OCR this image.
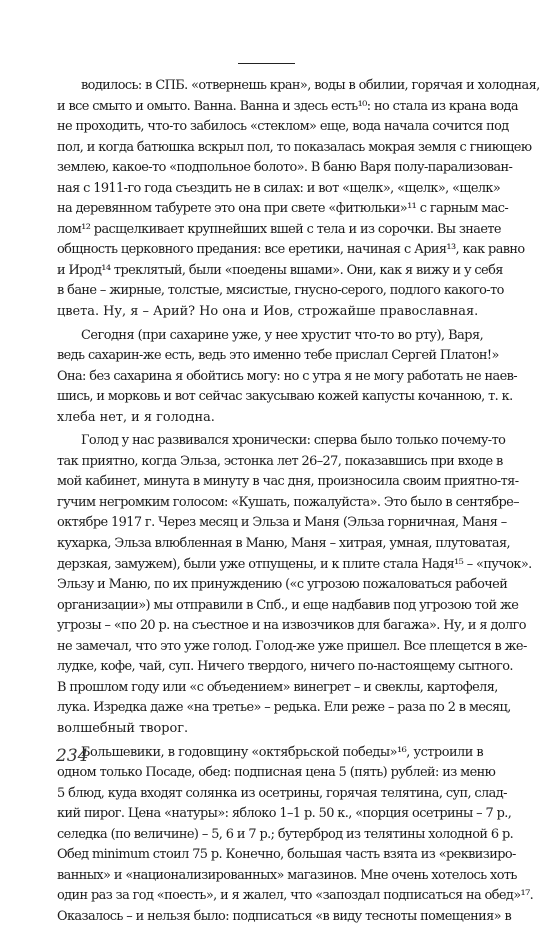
водилось: в СПБ. «отвернешь кран», воды в обилии, горячая и холодная,
и все смыто и омыто. Ванна. Ванна и здесь есть¹⁰: но стала из крана вода
не проходить, что-то забилось «стеклом» еще, вода начала сочится под
пол, и когда батюшка вскрыл пол, то показалась мокрая земля с гниющею
землею, какое-то «подпольное болото». В баню Варя полу-парализован-
ная с 1911-го года съездить не в силах: и вот «щелк», «щелк», «щелк»
на деревянном табурете это она при свете «фитюльки»¹¹ с гарным мас-
лом¹² расщелкивает крупнейших вшей с тела и из сорочки. Вы знаете
общность церковного предания: все еретики, начиная с Ария¹³, как равно
и Ирод¹⁴ треклятый, были «поедены вшами». Они, как я вижу и у себя
в бане – жирные, толстые, мясистые, гнусно-серого, подлого какого-то
цвета. Ну, я – Арий? Но она и Иов, строжайше православная.
Сегодня (при сахарине уже, у нее хрустит что-то во рту), Варя,
ведь сахарин-же есть, ведь это именно тебе прислал Сергей Платон!»
Она: без сахарина я обойтись могу: но с утра я не могу работать не наев-
шись, и морковь и вот сейчас закусываю кожей капусты кочанною, т. к.
хлеба нет, и я голодна.
Голод у нас развивался хронически: сперва было только почему-то
так приятно, когда Эльза, эстонка лет 26–27, показавшись при входе в
мой кабинет, минута в минуту в час дня, произносила своим приятно-тя-
гучим негромким голосом: «Кушать, пожалуйста». Это было в сентябре–
октябре 1917 г. Через месяц и Эльза и Маня (Эльза горничная, Маня –
кухарка, Эльза влюбленная в Маню, Маня – хитрая, умная, плутоватая,
дерзкая, замужем), были уже отпущены, и к плите стала Надя¹⁵ – «пучок».
Эльзу и Маню, по их принуждению («с угрозою пожаловаться рабочей
организации») мы отправили в Спб., и еще надбавив под угрозою той же
угрозы – «по 20 р. на съестное и на извозчиков для багажа». Ну, и я долго
не замечал, что это уже голод. Голод-же уже пришел. Все плещется в же-
лудке, кофе, чай, суп. Ничего твердого, ничего по-настоящему сытного.
В прошлом году или «с объедением» винегрет – и свеклы, картофеля,
лука. Изредка даже «на третье» – редька. Ели реже – раза по 2 в месяц,
волшебный творог.
Большевики, в годовщину «октябрьской победы»¹⁶, устроили в
одном только Посаде, обед: подписная цена 5 (пять) рублей: из меню
5 блюд, куда входят солянка из осетрины, горячая телятина, суп, слад-
кий пирог. Цена «натуры»: яблоко 1–1 р. 50 к., «порция осетрины – 7 р.,
селедка (по величине) – 5, 6 и 7 р.; бутерброд из телятины холодной 6 р.
Обед minimum стоил 75 р. Конечно, большая часть взята из «реквизиро-
ванных» и «национализированных» магазинов. Мне очень хотелось хоть
один раз за год «поесть», и я жалел, что «запоздал подписаться на обед»¹⁷.
Оказалось – и нельзя было: подписаться «в виду тесноты помещения» в
234
